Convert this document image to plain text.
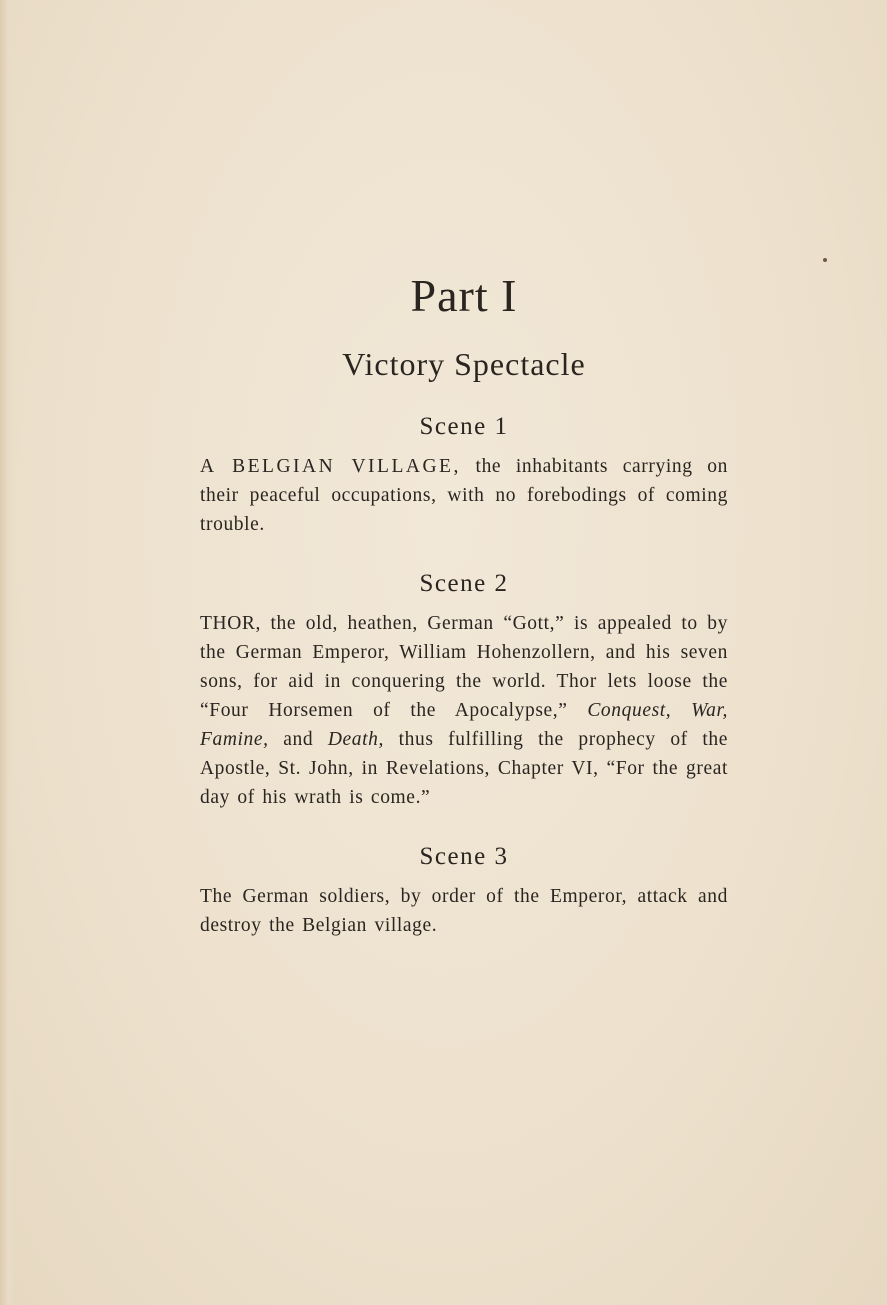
Part I
Victory Spectacle
Scene 1

A BELGIAN VILLAGE, the inhabitants carrying on their peaceful occupations, with no forebodings of coming trouble.

Scene 2

THOR, the old, heathen, German “Gott,” is appealed to by the German Emperor, William Hohenzollern, and his seven sons, for aid in conquering the world. Thor lets loose the “Four Horsemen of the Apocalypse,” Conquest, War, Famine, and Death, thus fulfilling the prophecy of the Apostle, St. John, in Revelations, Chapter VI, “For the great day of his wrath is come.”

Scene 3

The German soldiers, by order of the Emperor, attack and destroy the Belgian village.
